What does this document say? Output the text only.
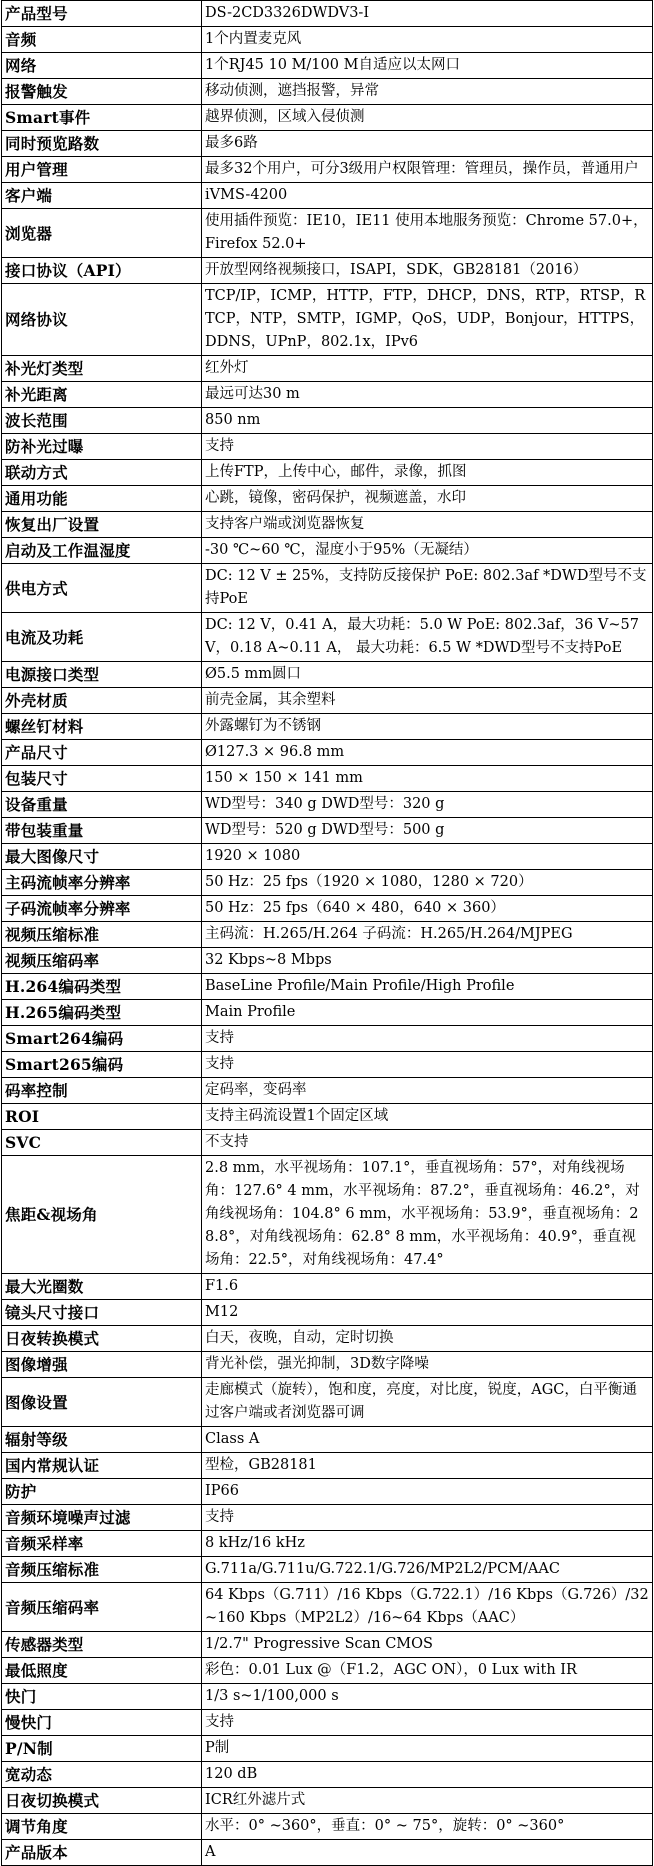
产品型号	DS-2CD3326DWDV3-I
音频	1个内置麦克风
网络	1个RJ45 10 M/100 M自适应以太网口
报警触发	移动侦测，遮挡报警，异常
Smart事件	越界侦测，区域入侵侦测
同时预览路数	最多6路
用户管理	最多32个用户，可分3级用户权限管理：管理员，操作员，普通用户
客户端	iVMS-4200
浏览器	使用插件预览：IE10，IE11 使用本地服务预览：Chrome 57.0+，Firefox 52.0+
接口协议（API）	开放型网络视频接口，ISAPI，SDK，GB28181（2016）
网络协议	TCP/IP，ICMP，HTTP，FTP，DHCP，DNS，RTP，RTSP，RTCP，NTP，SMTP，IGMP，QoS，UDP，Bonjour，HTTPS，DDNS，UPnP，802.1x，IPv6
补光灯类型	红外灯
补光距离	最远可达30 m
波长范围	850 nm
防补光过曝	支持
联动方式	上传FTP，上传中心，邮件，录像，抓图
通用功能	心跳，镜像，密码保护，视频遮盖，水印
恢复出厂设置	支持客户端或浏览器恢复
启动及工作温湿度	-30 ℃~60 ℃，湿度小于95%（无凝结）
供电方式	DC: 12 V ± 25%，支持防反接保护 PoE: 802.3af *DWD型号不支持PoE
电流及功耗	DC: 12 V，0.41 A，最大功耗：5.0 W PoE: 802.3af，36 V~57 V，0.18 A~0.11 A， 最大功耗：6.5 W *DWD型号不支持PoE
电源接口类型	Ø5.5 mm圆口
外壳材质	前壳金属，其余塑料
螺丝钉材料	外露螺钉为不锈钢
产品尺寸	Ø127.3 × 96.8 mm
包装尺寸	150 × 150 × 141 mm
设备重量	WD型号：340 g DWD型号：320 g
带包装重量	WD型号：520 g DWD型号：500 g
最大图像尺寸	1920 × 1080
主码流帧率分辨率	50 Hz：25 fps（1920 × 1080，1280 × 720）
子码流帧率分辨率	50 Hz：25 fps（640 × 480，640 × 360）
视频压缩标准	主码流：H.265/H.264 子码流：H.265/H.264/MJPEG
视频压缩码率	32 Kbps~8 Mbps
H.264编码类型	BaseLine Profile/Main Profile/High Profile
H.265编码类型	Main Profile
Smart264编码	支持
Smart265编码	支持
码率控制	定码率，变码率
ROI	支持主码流设置1个固定区域
SVC	不支持
焦距&视场角	2.8 mm，水平视场角：107.1°，垂直视场角：57°，对角线视场角：127.6° 4 mm，水平视场角：87.2°，垂直视场角：46.2°，对角线视场角：104.8° 6 mm，水平视场角：53.9°，垂直视场角：28.8°，对角线视场角：62.8° 8 mm，水平视场角：40.9°，垂直视场角：22.5°，对角线视场角：47.4°
最大光圈数	F1.6
镜头尺寸接口	M12
日夜转换模式	白天，夜晚，自动，定时切换
图像增强	背光补偿，强光抑制，3D数字降噪
图像设置	走廊模式（旋转），饱和度，亮度，对比度，锐度，AGC，白平衡通过客户端或者浏览器可调
辐射等级	Class A
国内常规认证	型检，GB28181
防护	IP66
音频环境噪声过滤	支持
音频采样率	8 kHz/16 kHz
音频压缩标准	G.711a/G.711u/G.722.1/G.726/MP2L2/PCM/AAC
音频压缩码率	64 Kbps（G.711）/16 Kbps（G.722.1）/16 Kbps（G.726）/32~160 Kbps（MP2L2）/16~64 Kbps（AAC）
传感器类型	1/2.7" Progressive Scan CMOS
最低照度	彩色：0.01 Lux @（F1.2，AGC ON），0 Lux with IR
快门	1/3 s~1/100,000 s
慢快门	支持
P/N制	P制
宽动态	120 dB
日夜切换模式	ICR红外滤片式
调节角度	水平：0° ~360°，垂直：0° ~ 75°，旋转：0° ~360°
产品版本	A
